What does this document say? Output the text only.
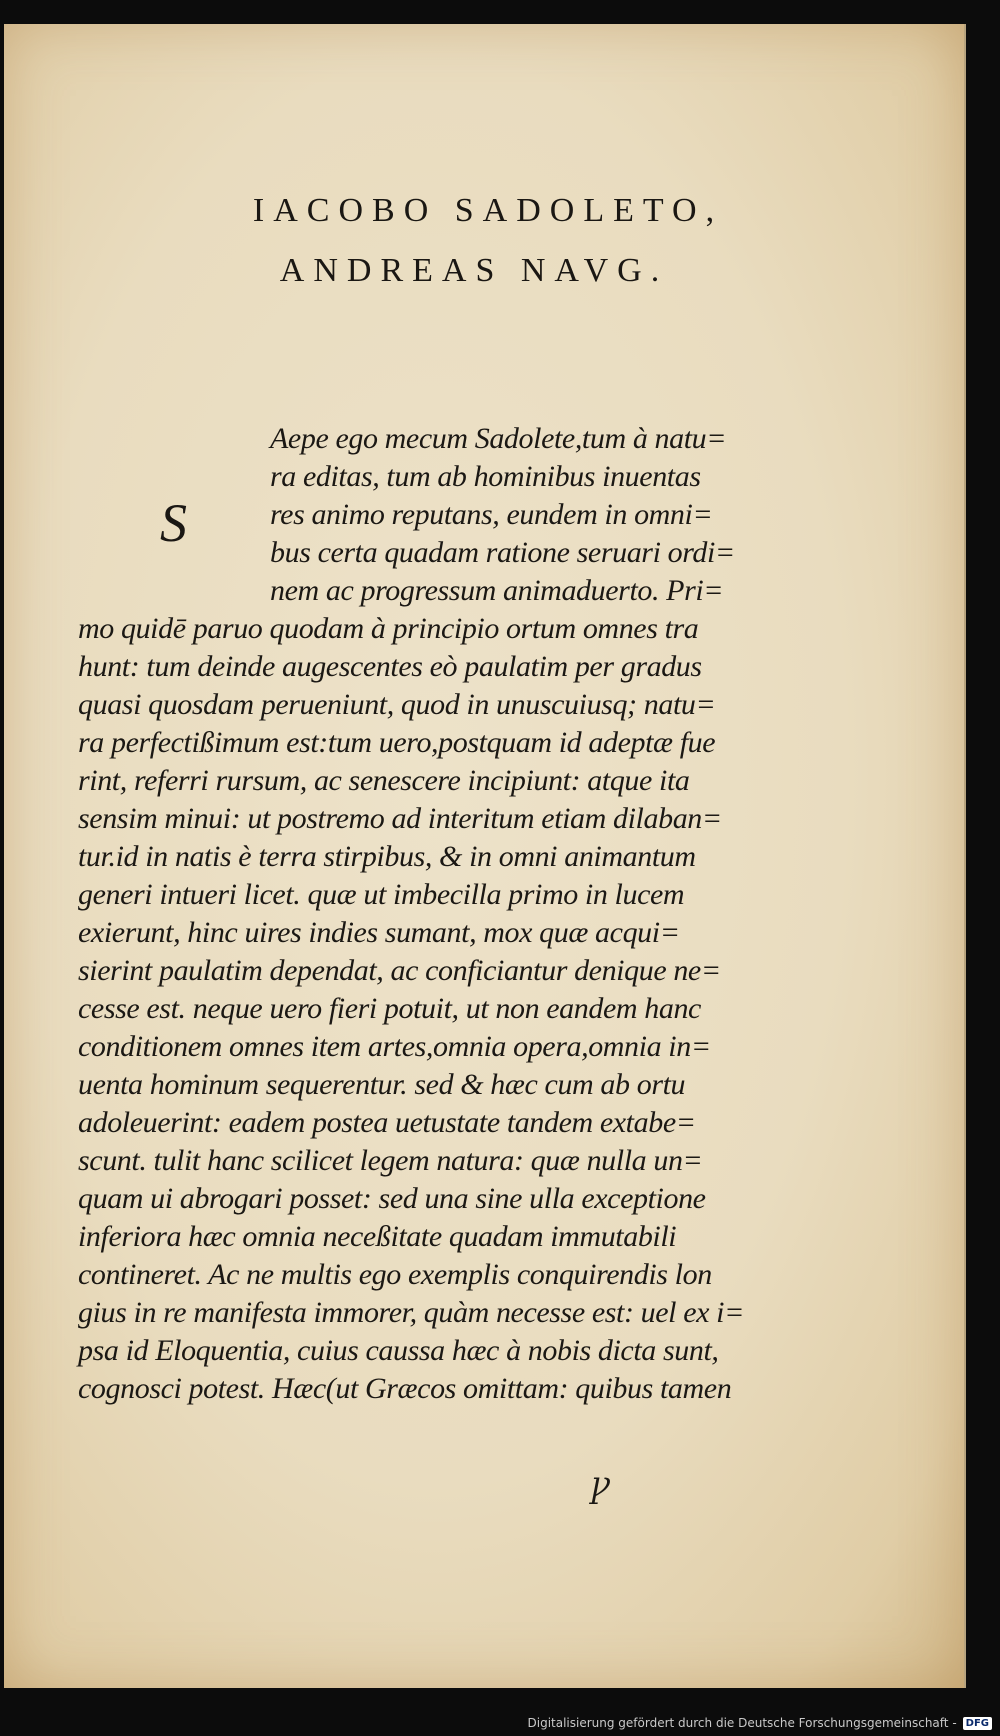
IACOBO SADOLETO,
ANDREAS NAVG.
S
Aepe ego mecum Sadolete,tum à natu=
ra editas, tum ab hominibus inuentas
res animo reputans, eundem in omni=
bus certa quadam ratione seruari ordi=
nem ac progressum animaduerto. Pri=
mo quidē paruo quodam à principio ortum omnes tra
hunt: tum deinde augescentes eò paulatim per gradus
quasi quosdam perueniunt, quod in unuscuiusq; natu=
ra perfectißimum est:tum uero,postquam id adeptæ fue
rint, referri rursum, ac senescere incipiunt: atque ita
sensim minui: ut postremo ad interitum etiam dilaban=
tur.id in natis è terra stirpibus, & in omni animantum
generi intueri licet. quæ ut imbecilla primo in lucem
exierunt, hinc uires indies sumant, mox quæ acqui=
sierint paulatim dependat, ac conficiantur denique ne=
cesse est. neque uero fieri potuit, ut non eandem hanc
conditionem omnes item artes,omnia opera,omnia in=
uenta hominum sequerentur. sed & hæc cum ab ortu
adoleuerint: eadem postea uetustate tandem extabe=
scunt. tulit hanc scilicet legem natura: quæ nulla un=
quam ui abrogari posset: sed una sine ulla exceptione
inferiora hæc omnia neceßitate quadam immutabili
contineret. Ac ne multis ego exemplis conquirendis lon
gius in re manifesta immorer, quàm necesse est: uel ex i=
psa id Eloquentia, cuius caussa hæc à nobis dicta sunt,
cognosci potest. Hæc(ut Græcos omittam: quibus tamen
Ꝩ
Digitalisierung gefördert durch die Deutsche Forschungsgemeinschaft - DFG
